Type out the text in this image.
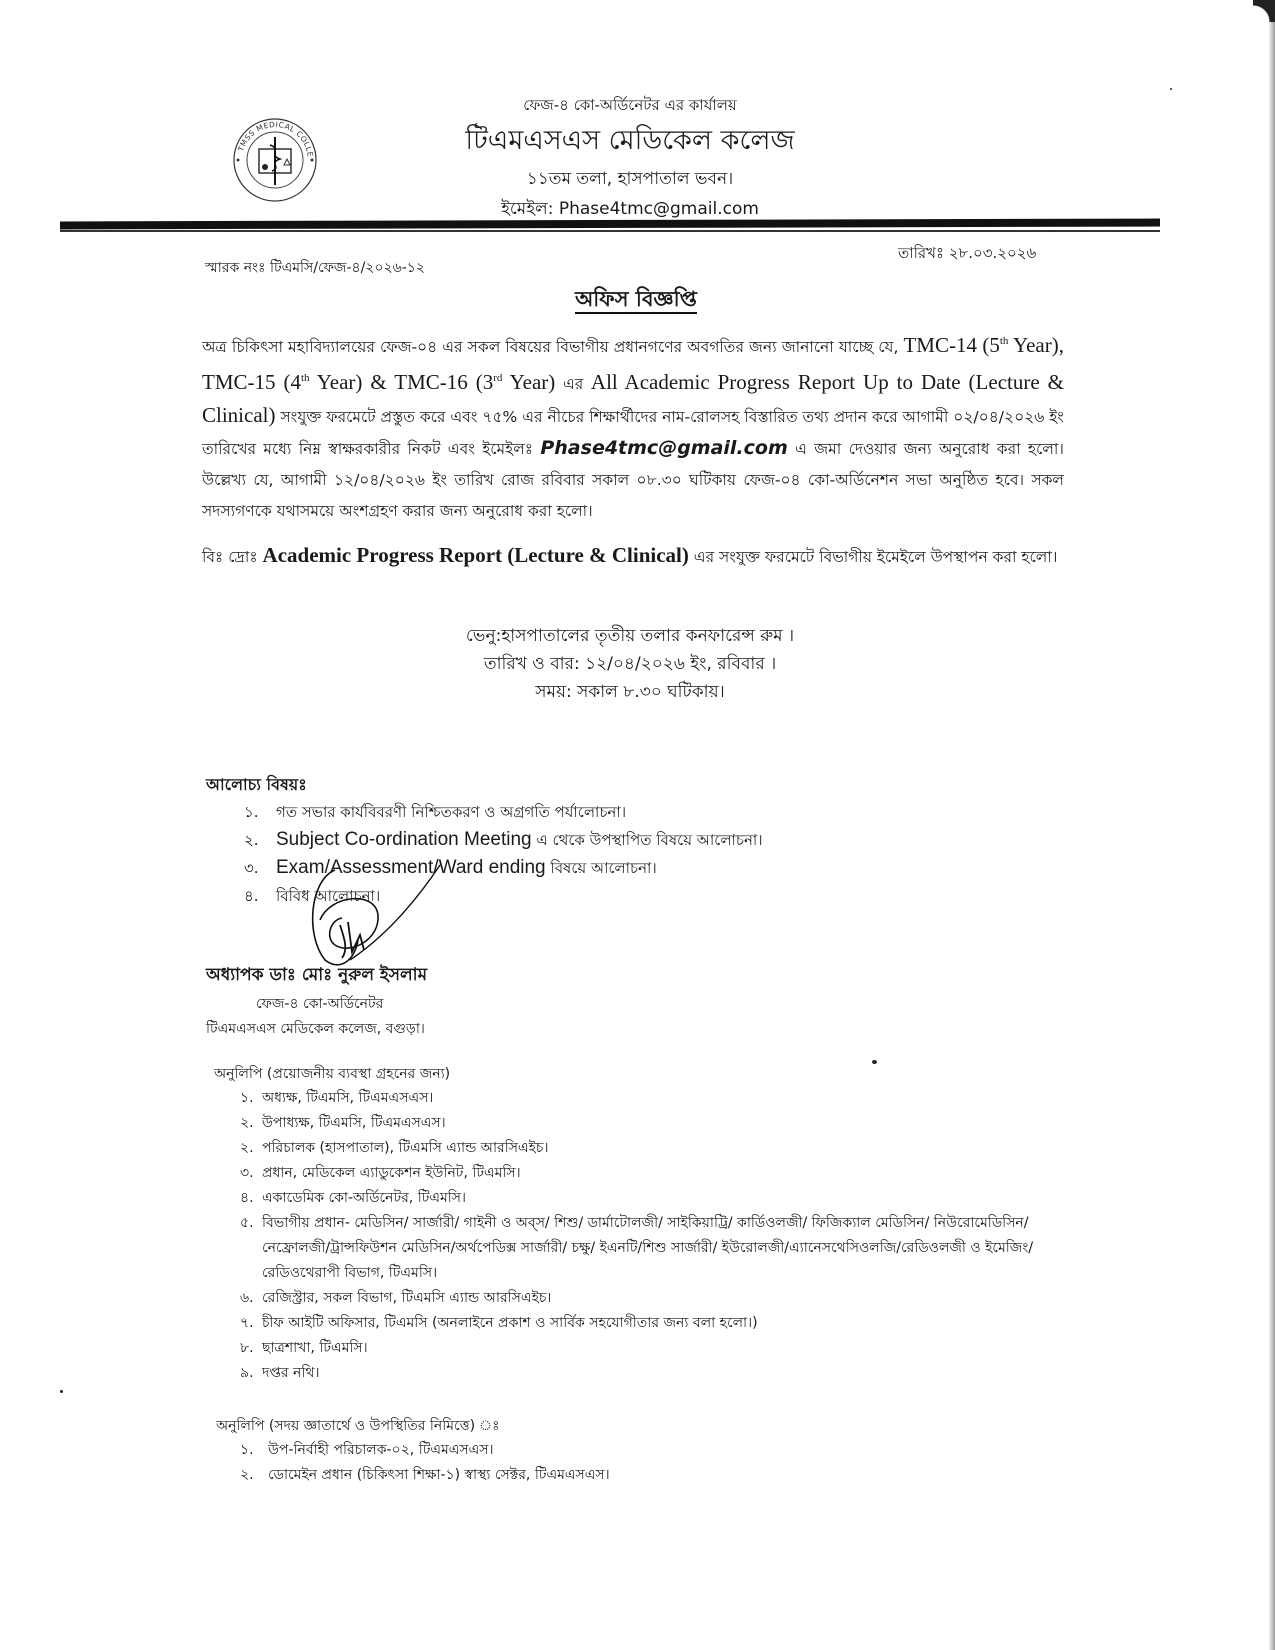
TMSS MEDICAL COLLE
ফেজ-৪ কো-অর্ডিনেটর এর কার্যালয়
টিএমএসএস মেডিকেল কলেজ
১১তম তলা, হাসপাতাল ভবন।
ইমেইল: Phase4tmc@gmail.com
স্মারক নংঃ টিএমসি/ফেজ-৪/২০২৬-১২
তারিখঃ ২৮.০৩.২০২৬
অফিস বিজ্ঞপ্তি
অত্র চিকিৎসা মহাবিদ্যালয়ের ফেজ-০৪ এর সকল বিষয়ের বিভাগীয় প্রধানগণের অবগতির জন্য জানানো যাচ্ছে যে, TMC-14 (5th Year), TMC-15 (4th Year) & TMC-16 (3rd Year) এর All Academic Progress Report Up to Date (Lecture & Clinical) সংযুক্ত ফরমেটে প্রস্তুত করে এবং ৭৫% এর নীচের শিক্ষার্থীদের নাম-রোলসহ বিস্তারিত তথ্য প্রদান করে আগামী ০২/০৪/২০২৬ ইং তারিখের মধ্যে নিম্ন স্বাক্ষরকারীর নিকট এবং ইমেইলঃ Phase4tmc@gmail.com এ জমা দেওয়ার জন্য অনুরোধ করা হলো। উল্লেখ্য যে, আগামী ১২/০৪/২০২৬ ইং তারিখ রোজ রবিবার সকাল ০৮.৩০ ঘটিকায় ফেজ-০৪ কো-অর্ডিনেশন সভা অনুষ্ঠিত হবে। সকল সদস্যগণকে যথাসময়ে অংশগ্রহণ করার জন্য অনুরোধ করা হলো।
বিঃ দ্রোঃ Academic Progress Report (Lecture & Clinical) এর সংযুক্ত ফরমেটে বিভাগীয় ইমেইলে উপস্থাপন করা হলো।
ভেনু:হাসপাতালের তৃতীয় তলার কনফারেন্স রুম ।
তারিখ ও বার: ১২/০৪/২০২৬ ইং, রবিবার ।
সময়: সকাল ৮.৩০ ঘটিকায়।
আলোচ্য বিষয়ঃ
১. গত সভার কার্যবিবরণী নিশ্চিতকরণ ও অগ্রগতি পর্যালোচনা।
২. Subject Co-ordination Meeting এ থেকে উপস্থাপিত বিষয়ে আলোচনা।
৩. Exam/Assessment/Ward ending বিষয়ে আলোচনা।
৪. বিবিধ আলোচনা।
অধ্যাপক ডাঃ মোঃ নুরুল ইসলাম
ফেজ-৪ কো-অর্ডিনেটর
টিএমএসএস মেডিকেল কলেজ, বগুড়া।
অনুলিপি (প্রয়োজনীয় ব্যবস্থা গ্রহনের জন্য)
১. অধ্যক্ষ, টিএমসি, টিএমএসএস।
২. উপাধ্যক্ষ, টিএমসি, টিএমএসএস।
২. পরিচালক (হাসপাতাল), টিএমসি এ্যান্ড আরসিএইচ।
৩. প্রধান, মেডিকেল এ্যাডুকেশন ইউনিট, টিএমসি।
৪. একাডেমিক কো-অর্ডিনেটর, টিএমসি।
৫. বিভাগীয় প্রধান- মেডিসিন/ সার্জারী/ গাইনী ও অব্স/ শিশু/ ডার্মাটোলজী/ সাইকিয়াট্রি/ কার্ডিওলজী/ ফিজিক্যাল মেডিসিন/ নিউরোমেডিসিন/নেফ্রোলজী/ট্রান্সফিউশন মেডিসিন/অর্থপেডিক্স সার্জারী/ চক্ষু/ ইএনটি/শিশু সার্জারী/ ইউরোলজী/এ্যানেসথেসিওলজি/রেডিওলজী ও ইমেজিং/ রেডিওথেরাপী বিভাগ, টিএমসি।
৬. রেজিস্ট্রার, সকল বিভাগ, টিএমসি এ্যান্ড আরসিএইচ।
৭. চীফ আইটি অফিসার, টিএমসি (অনলাইনে প্রকাশ ও সার্বিক সহযোগীতার জন্য বলা হলো।)
৮. ছাত্রশাখা, টিএমসি।
৯. দপ্তর নথি।
অনুলিপি (সদয় জ্ঞাতার্থে ও উপস্থিতির নিমিত্তে) ঃ
১. উপ-নির্বাহী পরিচালক-০২, টিএমএসএস।
২. ডোমেইন প্রধান (চিকিৎসা শিক্ষা-১) স্বাস্থ্য সেক্টর, টিএমএসএস।
